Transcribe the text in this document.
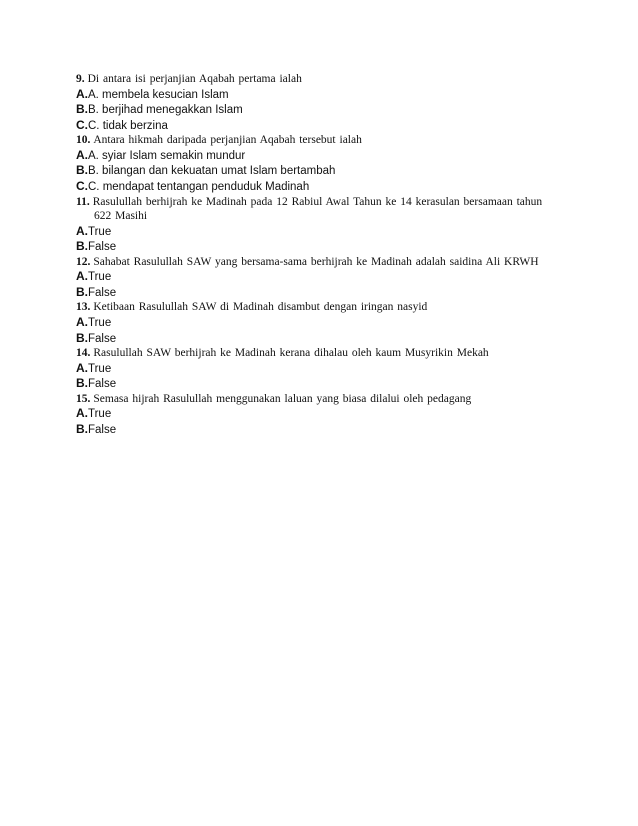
9. Di antara isi perjanjian Aqabah pertama ialah

A.A. membela kesucian Islam

B.B. berjihad menegakkan Islam

C.C. tidak berzina

10. Antara hikmah daripada perjanjian Aqabah tersebut ialah

A.A. syiar Islam semakin mundur

B.B. bilangan dan kekuatan umat Islam bertambah

C.C. mendapat tentangan penduduk Madinah

11. Rasulullah berhijrah ke Madinah pada 12 Rabiul Awal Tahun ke 14 kerasulan bersamaan tahun 622 Masihi

A.True

B.False

12. Sahabat Rasulullah SAW yang bersama-sama berhijrah ke Madinah adalah saidina Ali KRWH

A.True

B.False

13. Ketibaan Rasulullah SAW di Madinah disambut dengan iringan nasyid

A.True

B.False

14. Rasulullah SAW berhijrah ke Madinah kerana dihalau oleh kaum Musyrikin Mekah

A.True

B.False

15. Semasa hijrah Rasulullah menggunakan laluan yang biasa dilalui oleh pedagang

A.True

B.False
